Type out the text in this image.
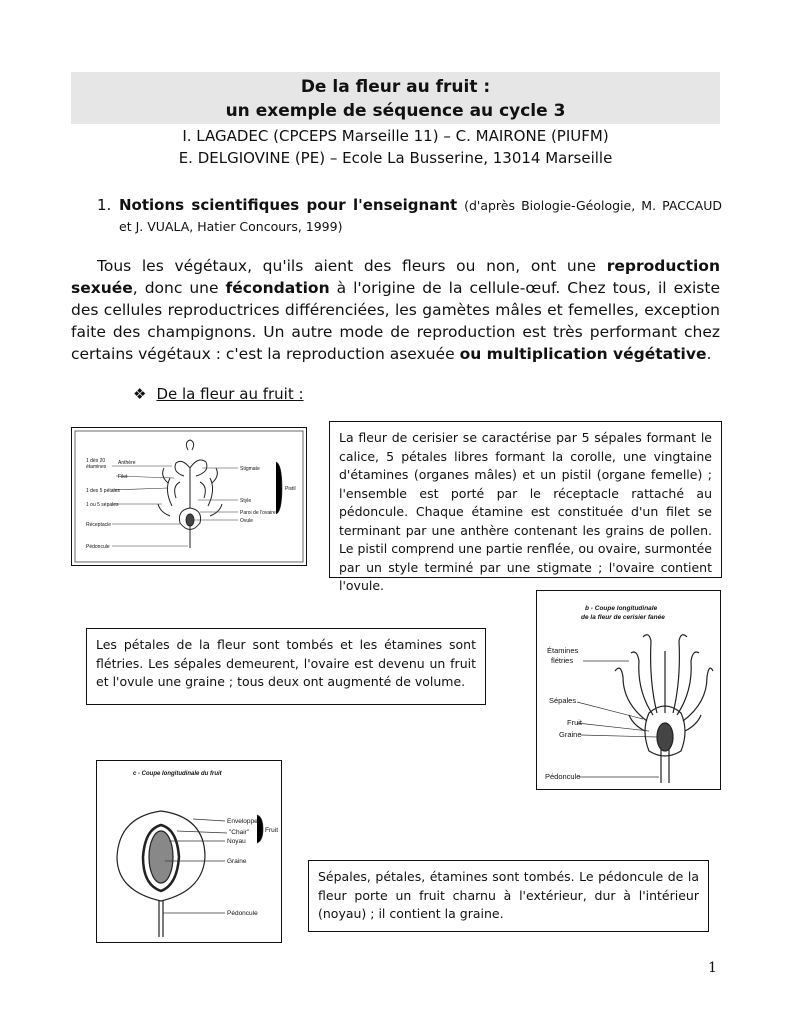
De la fleur au fruit :
un exemple de séquence au cycle 3
I. LAGADEC (CPCEPS Marseille 11) – C. MAIRONE (PIUFM)
E. DELGIOVINE (PE) – Ecole La Busserine, 13014 Marseille
1. Notions scientifiques pour l'enseignant (d'après Biologie-Géologie, M. PACCAUD et J. VUALA, Hatier Concours, 1999)

Tous les végétaux, qu'ils aient des fleurs ou non, ont une reproduction sexuée, donc une fécondation à l'origine de la cellule-œuf. Chez tous, il existe des cellules reproductrices différenciées, les gamètes mâles et femelles, exception faite des champignons. Un autre mode de reproduction est très performant chez certains végétaux : c'est la reproduction asexuée ou multiplication végétative.

❖ De la fleur au fruit :
1 dès 20
étamines
Anthère
Filet
1 des 5 pétales
1 ou 5 sépales
Réceptacle
Pédoncule
Stigmate
Style
Paroi de l'ovaire
Ovule
Pistil
La fleur de cerisier se caractérise par 5 sépales formant le calice, 5 pétales libres formant la corolle, une vingtaine d'étamines (organes mâles) et un pistil (organe femelle) ; l'ensemble est porté par le réceptacle rattaché au pédoncule. Chaque étamine est constituée d'un filet se terminant par une anthère contenant les grains de pollen. Le pistil comprend une partie renflée, ou ovaire, surmontée par un style terminé par une stigmate ; l'ovaire contient l'ovule.
b - Coupe longitudinale
de la fleur de cerisier fanée
Étamines
flétries
Sépales
Fruit
Graine
Pédoncule
Les pétales de la fleur sont tombés et les étamines sont flétries. Les sépales demeurent, l'ovaire est devenu un fruit et l'ovule une graine ; tous deux ont augmenté de volume.
c - Coupe longitudinale du fruit
Enveloppe
"Chair"
Noyau
Fruit
Graine
Pédoncule
Sépales, pétales, étamines sont tombés. Le pédoncule de la fleur porte un fruit charnu à l'extérieur, dur à l'intérieur (noyau) ; il contient la graine.
1
